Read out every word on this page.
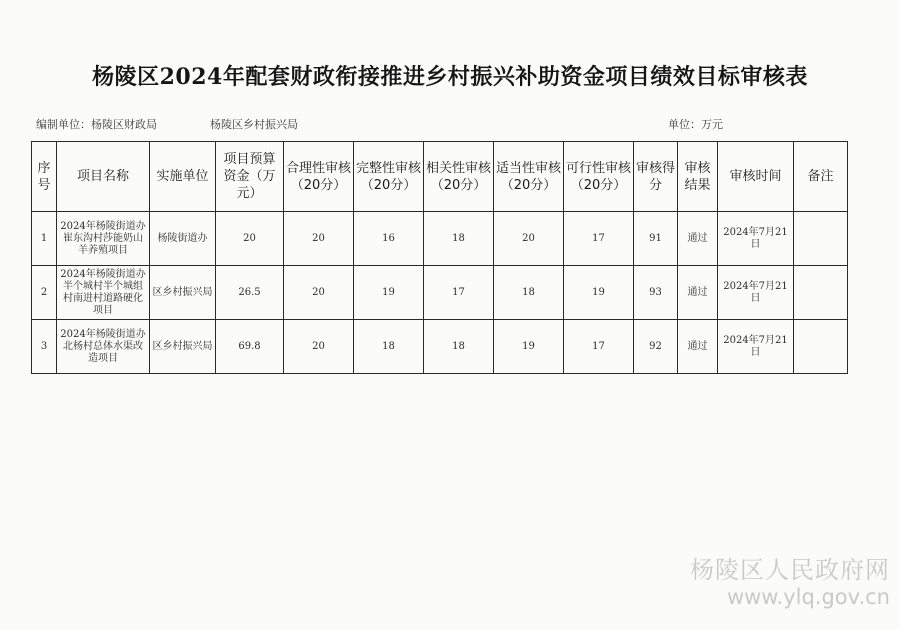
杨陵区2024年配套财政衔接推进乡村振兴补助资金项目绩效目标审核表
编制单位：杨陵区财政局	杨陵区乡村振兴局	单位：万元
序号	项目名称	实施单位	项目预算资金（万元）	合理性审核（20分）	完整性审核（20分）	相关性审核（20分）	适当性审核（20分）	可行性审核（20分）	审核得分	审核结果	审核时间	备注
1	2024年杨陵街道办崔东沟村莎能奶山羊养殖项目	杨陵街道办	20	20	16	18	20	17	91	通过	2024年7月21日	
2	2024年杨陵街道办半个城村半个城组村南进村道路硬化项目	区乡村振兴局	26.5	20	19	17	18	19	93	通过	2024年7月21日	
3	2024年杨陵街道办北杨村总体水渠改造项目	区乡村振兴局	69.8	20	18	18	19	17	92	通过	2024年7月21日	
杨陵区人民政府网
www.ylq.gov.cn
